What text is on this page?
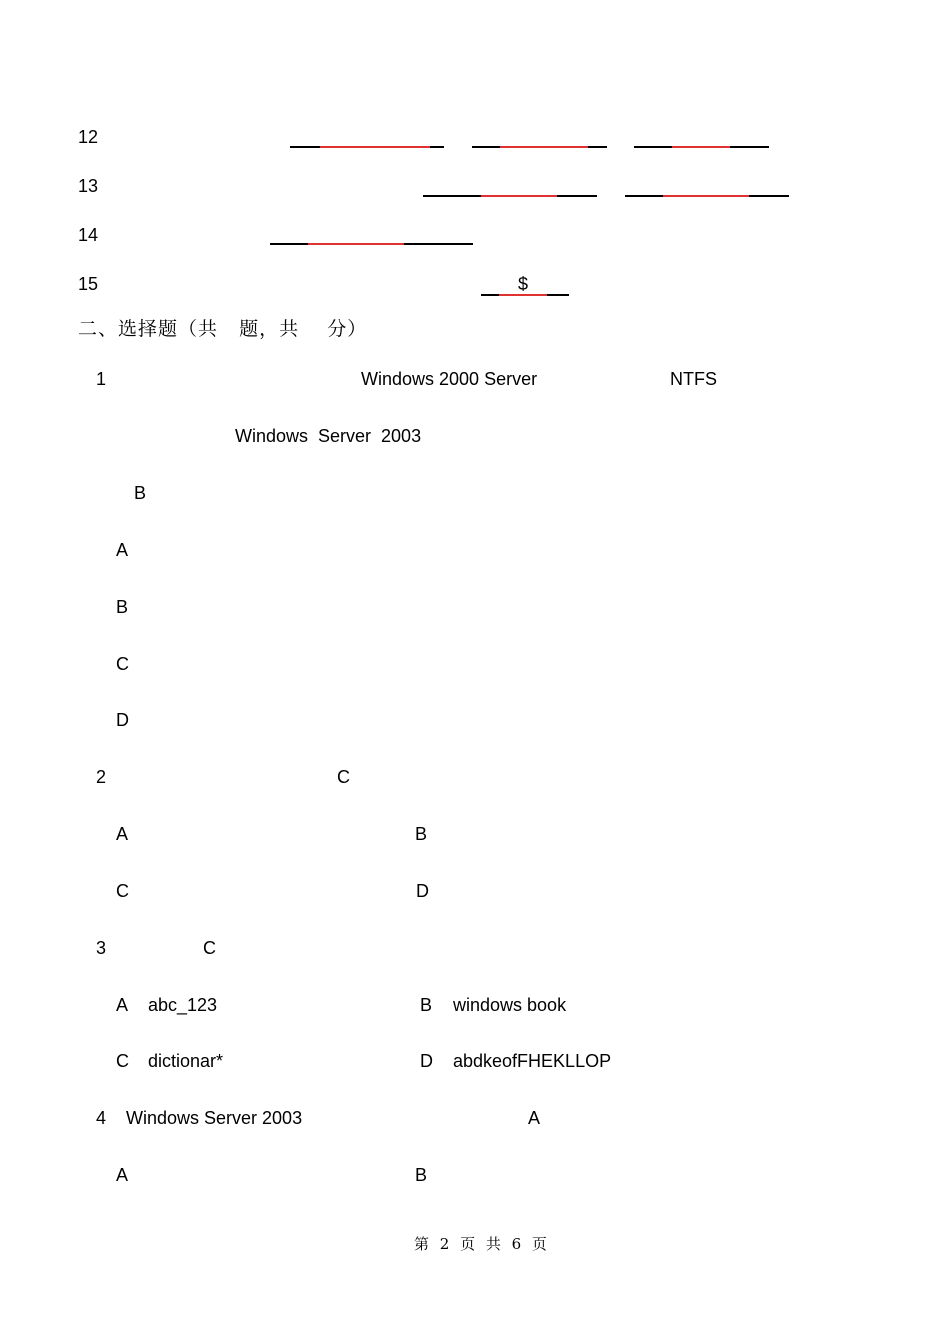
12
13
14
15	$
二、选择题（共   题，共    分）
1	Windows 2000 Server	NTFS
Windows  Server  2003
B
A
B
C
D
2	C
A	B
C	D
3	C
A abc_123	B windows book
C dictionar*	D abdkeofFHEKLLOP
4 Windows Server 2003	A
A	B
第 2 页 共 6 页
